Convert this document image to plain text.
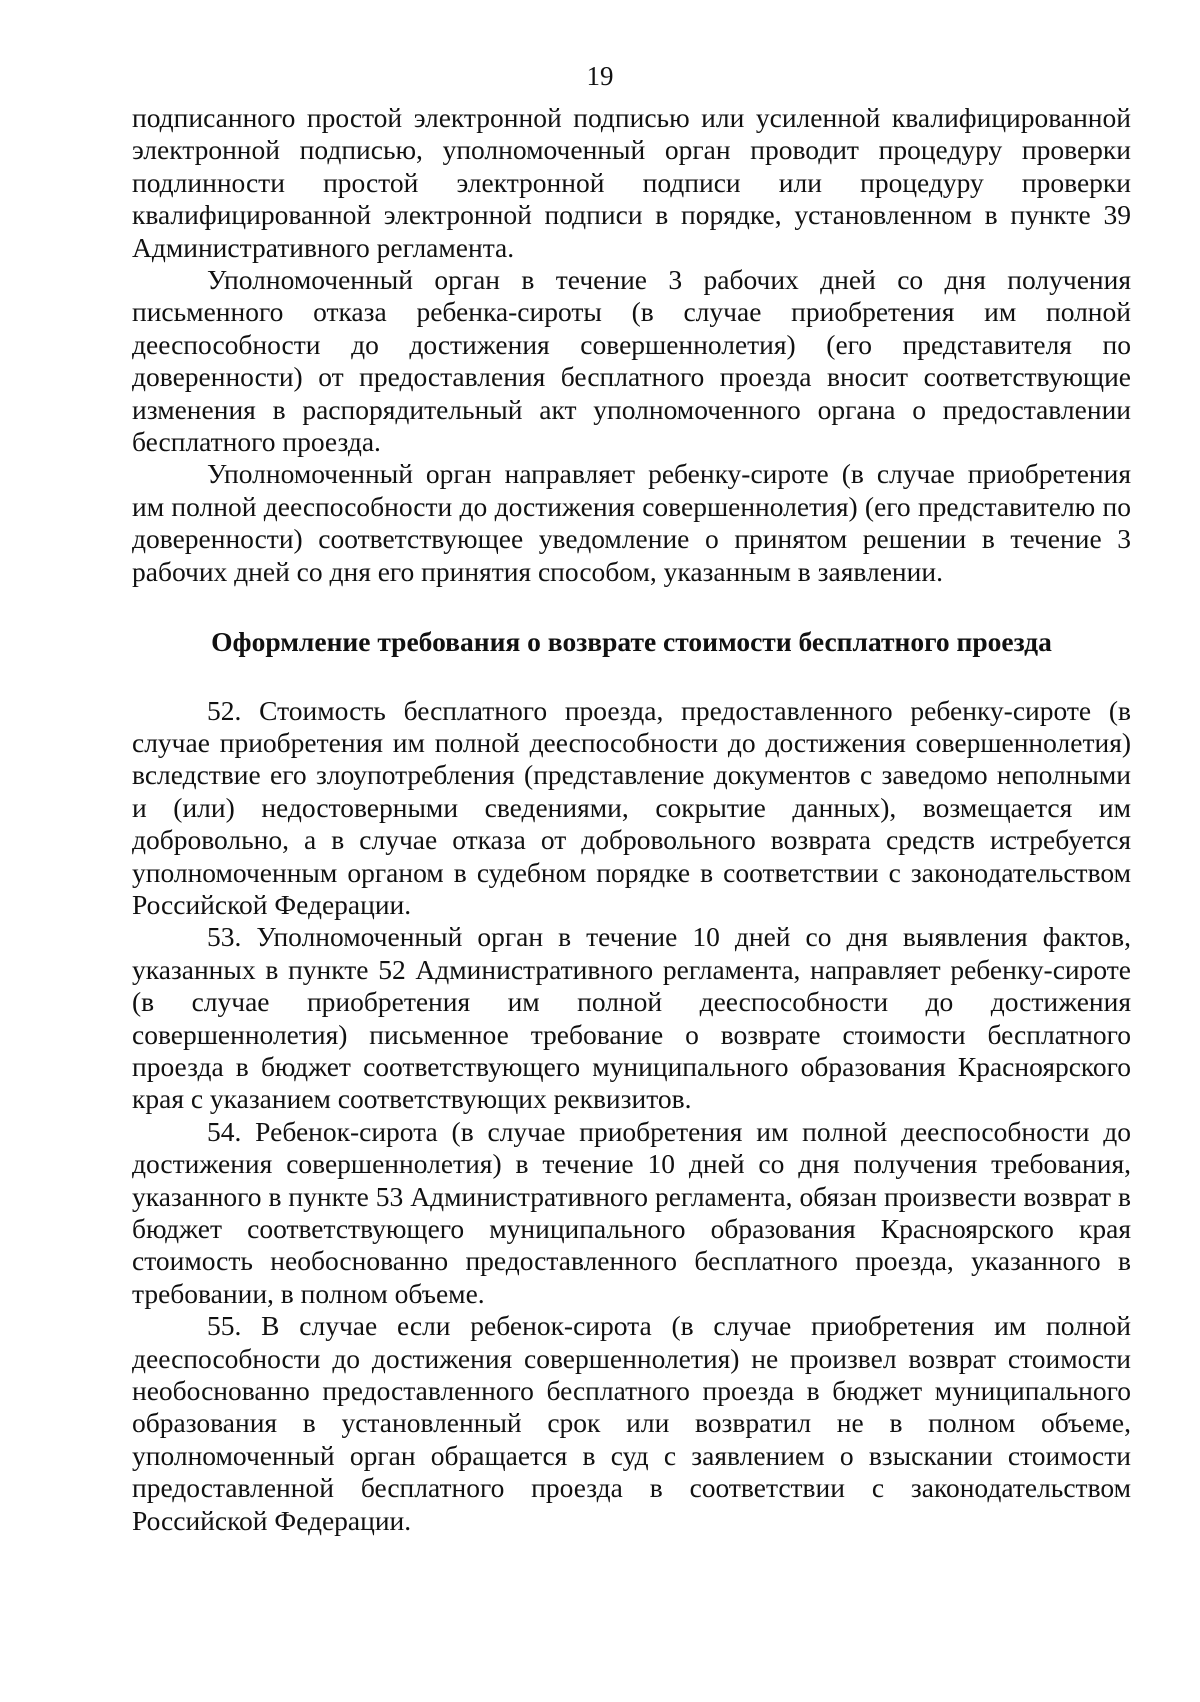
19

подписанного простой электронной подписью или усиленной квалифицированной электронной подписью, уполномоченный орган проводит процедуру проверки подлинности простой электронной подписи или процедуру проверки квалифицированной электронной подписи в порядке, установленном в пункте 39 Административного регламента.

Уполномоченный орган в течение 3 рабочих дней со дня получения письменного отказа ребенка-сироты (в случае приобретения им полной дееспособности до достижения совершеннолетия) (его представителя по доверенности) от предоставления бесплатного проезда вносит соответствующие изменения в распорядительный акт уполномоченного органа о предоставлении бесплатного проезда.

Уполномоченный орган направляет ребенку-сироте (в случае приобретения им полной дееспособности до достижения совершеннолетия) (его представителю по доверенности) соответствующее уведомление о принятом решении в течение 3 рабочих дней со дня его принятия способом, указанным в заявлении.

Оформление требования о возврате стоимости бесплатного проезда

52. Стоимость бесплатного проезда, предоставленного ребенку-сироте (в случае приобретения им полной дееспособности до достижения совершеннолетия) вследствие его злоупотребления (представление документов с заведомо неполными и (или) недостоверными сведениями, сокрытие данных), возмещается им добровольно, а в случае отказа от добровольного возврата средств истребуется уполномоченным органом в судебном порядке в соответствии с законодательством Российской Федерации.

53. Уполномоченный орган в течение 10 дней со дня выявления фактов, указанных в пункте 52 Административного регламента, направляет ребенку-сироте (в случае приобретения им полной дееспособности до достижения совершеннолетия) письменное требование о возврате стоимости бесплатного проезда в бюджет соответствующего муниципального образования Красноярского края с указанием соответствующих реквизитов.

54. Ребенок-сирота (в случае приобретения им полной дееспособности до достижения совершеннолетия) в течение 10 дней со дня получения требования, указанного в пункте 53 Административного регламента, обязан произвести возврат в бюджет соответствующего муниципального образования Красноярского края стоимость необоснованно предоставленного бесплатного проезда, указанного в требовании, в полном объеме.

55. В случае если ребенок-сирота (в случае приобретения им полной дееспособности до достижения совершеннолетия) не произвел возврат стоимости необоснованно предоставленного бесплатного проезда в бюджет муниципального образования в установленный срок или возвратил не в полном объеме, уполномоченный орган обращается в суд с заявлением о взыскании стоимости предоставленной бесплатного проезда в соответствии с законодательством Российской Федерации.
